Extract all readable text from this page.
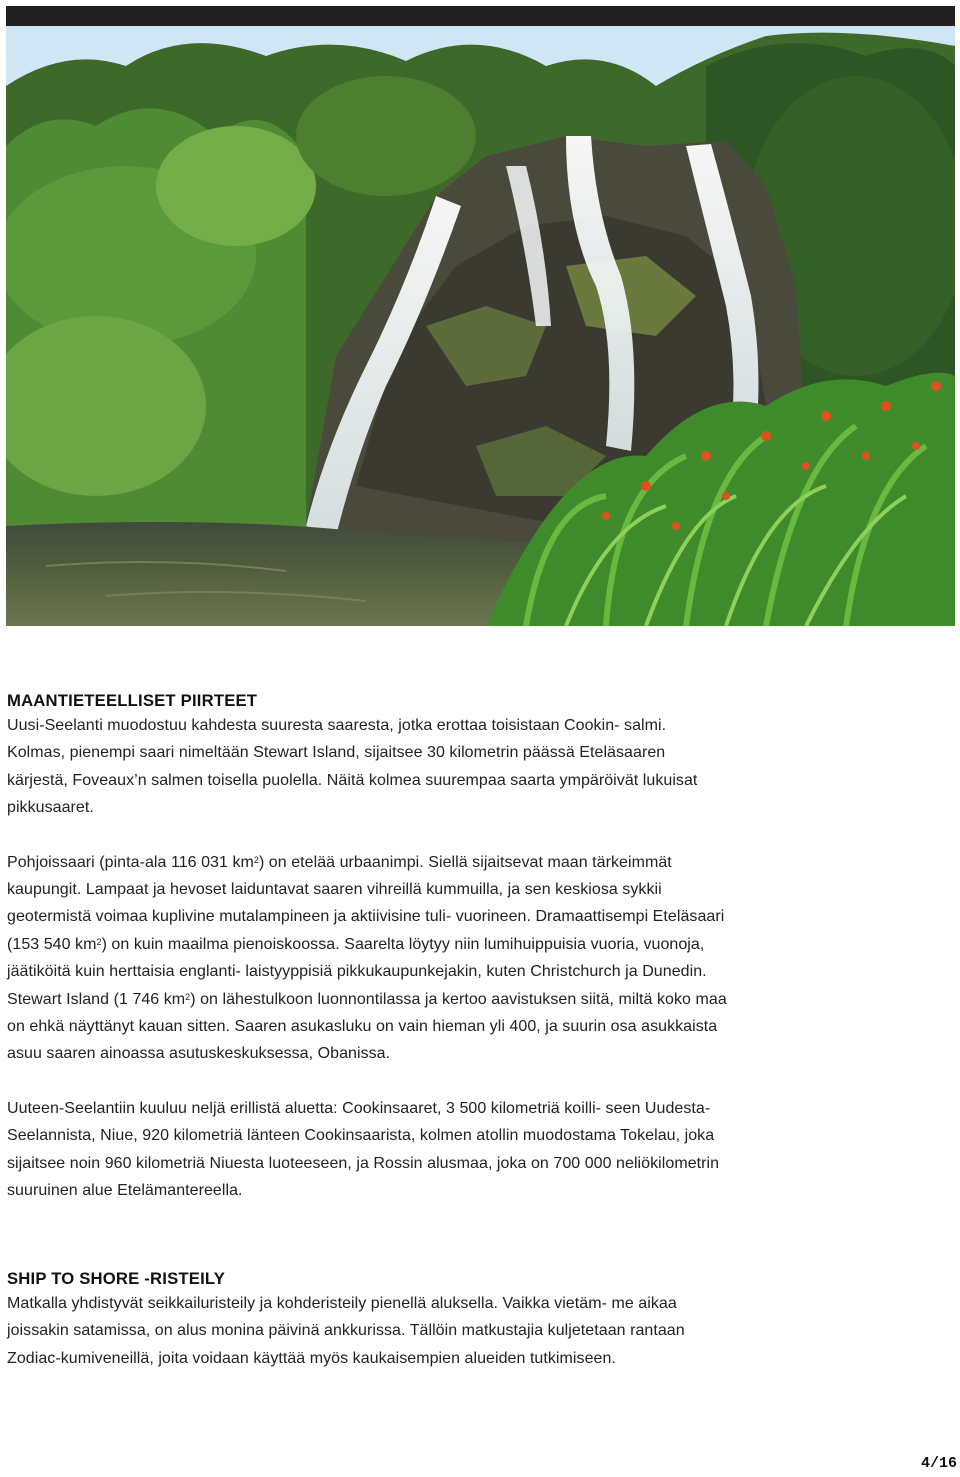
MAANTIETEELLISET PIIRTEET

Uusi-Seelanti muodostuu kahdesta suuresta saaresta, jotka erottaa toisistaan Cookin- salmi. Kolmas, pienempi saari nimeltään Stewart Island, sijaitsee 30 kilometrin päässä Eteläsaaren kärjestä, Foveaux’n salmen toisella puolella. Näitä kolmea suurempaa saarta ympäröivät lukuisat pikkusaaret.

Pohjoissaari (pinta-ala 116 031 $km^2$) on etelää urbaanimpi. Siellä sijaitsevat maan tärkeimmät kaupungit. Lampaat ja hevoset laiduntavat saaren vihreillä kummuilla, ja sen keskiosa sykkii geotermistä voimaa kuplivine mutalampineen ja aktiivisine tuli- vuorineen. Dramaattisempi Eteläsaari (153 540 $km^2$) on kuin maailma pienoiskoossa. Saarelta löytyy niin lumihuippuisia vuoria, vuonoja, jäätiköitä kuin herttaisia englanti- laistyyppisiä pikkukaupunkejakin, kuten Christchurch ja Dunedin. Stewart Island (1 746 $km^2$) on lähestulkoon luonnontilassa ja kertoo aavistuksen siitä, miltä koko maa on ehkä näyttänyt kauan sitten. Saaren asukasluku on vain hieman yli 400, ja suurin osa asukkaista asuu saaren ainoassa asutuskeskuksessa, Obanissa.

Uuteen-Seelantiin kuuluu neljä erillistä aluetta: Cookinsaaret, 3 500 kilometriä koilli- seen Uudesta-Seelannista, Niue, 920 kilometriä länteen Cookinsaarista, kolmen atollin muodostama Tokelau, joka sijaitsee noin 960 kilometriä Niuesta luoteeseen, ja Rossin alusmaa, joka on 700 000 neliökilometrin suuruinen alue Etelämantereella.

SHIP TO SHORE -RISTEILY

Matkalla yhdistyvät seikkailuristeily ja kohderisteily pienellä aluksella. Vaikka vietäm- me aikaa joissakin satamissa, on alus monina päivinä ankkurissa. Tällöin matkustajia kuljetetaan rantaan Zodiac-kumiveneillä, joita voidaan käyttää myös kaukaisempien alueiden tutkimiseen.

4/16
